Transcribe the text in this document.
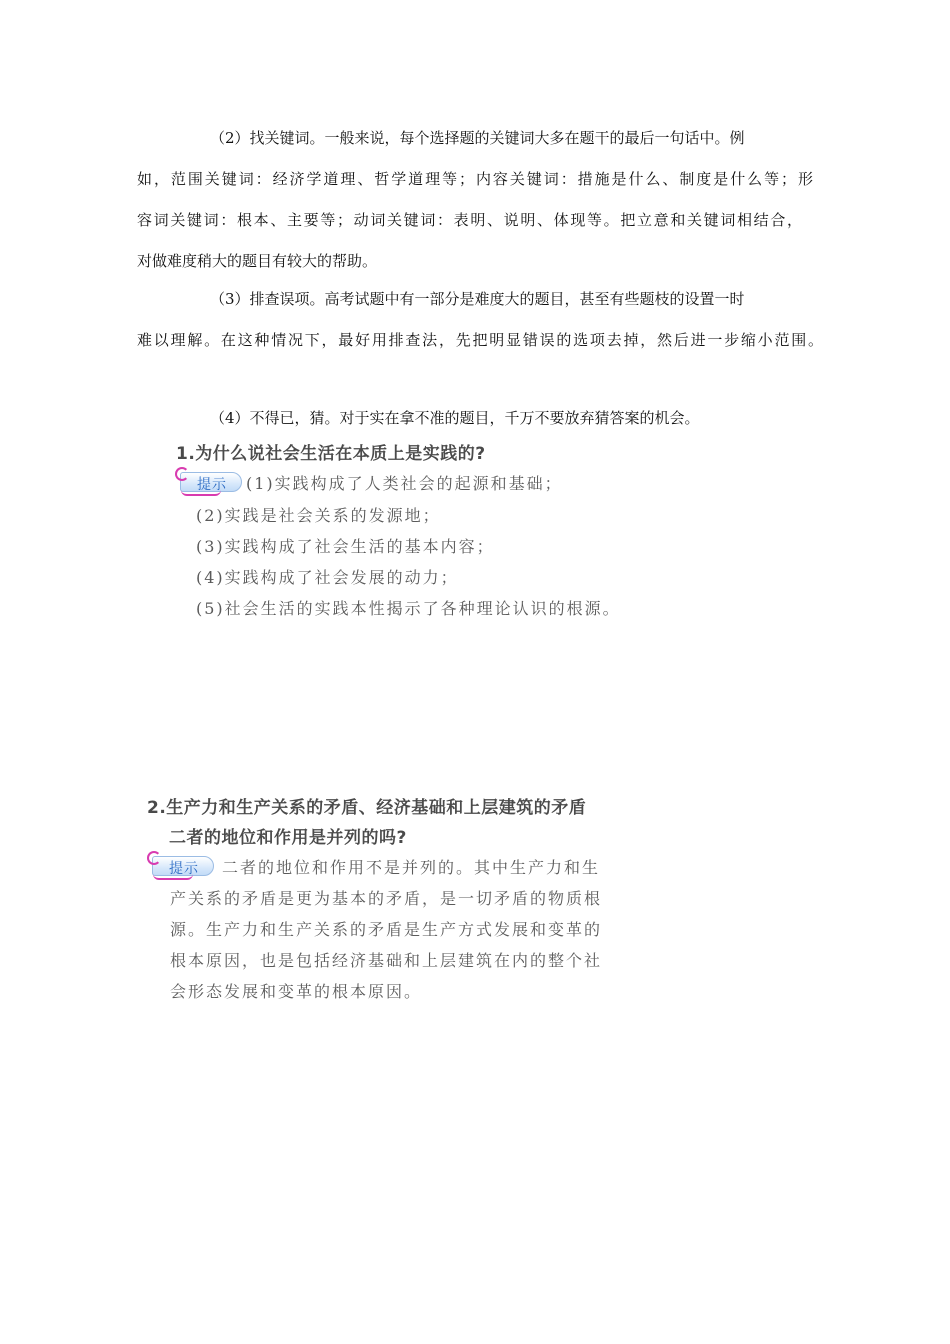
（2）找关键词。一般来说，每个选择题的关键词大多在题干的最后一句话中。例
如，范围关键词：经济学道理、哲学道理等；内容关键词：措施是什么、制度是什么等；形
容词关键词：根本、主要等；动词关键词：表明、说明、体现等。把立意和关键词相结合，
对做难度稍大的题目有较大的帮助。
（3）排查误项。高考试题中有一部分是难度大的题目，甚至有些题枝的设置一时
难以理解。在这种情况下，最好用排查法，先把明显错误的选项去掉，然后进一步缩小范围。
（4）不得已，猜。对于实在拿不准的题目，千万不要放弃猜答案的机会。
1.为什么说社会生活在本质上是实践的?
提示 (1)实践构成了人类社会的起源和基础；
(2)实践是社会关系的发源地；
(3)实践构成了社会生活的基本内容；
(4)实践构成了社会发展的动力；
(5)社会生活的实践本性揭示了各种理论认识的根源。
2.生产力和生产关系的矛盾、经济基础和上层建筑的矛盾
二者的地位和作用是并列的吗?
提示 二者的地位和作用不是并列的。其中生产力和生
产关系的矛盾是更为基本的矛盾，是一切矛盾的物质根
源。生产力和生产关系的矛盾是生产方式发展和变革的
根本原因，也是包括经济基础和上层建筑在内的整个社
会形态发展和变革的根本原因。
